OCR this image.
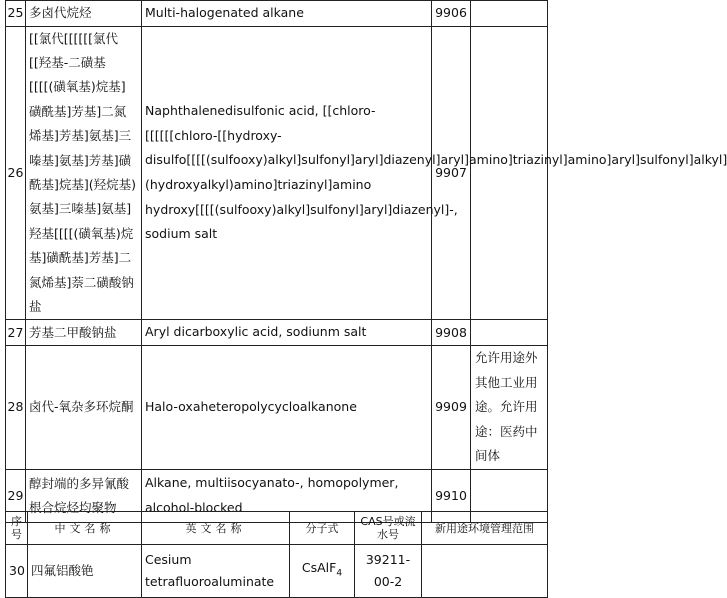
25	多卤代烷烃	Multi-halogenated alkane	9906	
26	[[氯代[[[[[[氯代[[羟基-二磺基[[[[(磺氧基)烷基]磺酰基]芳基]二氮烯基]芳基]氨基]三嗪基]氨基]芳基]磺酰基]烷基](羟烷基)氨基]三嗪基]氨基]羟基[[[[(磺氧基)烷基]磺酰基]芳基]二氮烯基]萘二磺酸钠盐	Naphthalenedisulfonic acid, [[chloro-[[[[[[chloro-[[hydroxy-disulfo[[[[(sulfooxy)alkyl]sulfonyl]aryl]diazenyl]aryl]amino]triazinyl]amino]aryl]sulfonyl]alkyl](hydroxyalkyl)amino]triazinyl]amino hydroxy[[[[(sulfooxy)alkyl]sulfonyl]aryl]diazenyl]-, sodium salt	9907	
27	芳基二甲酸钠盐	Aryl dicarboxylic acid, sodiunm salt	9908	
28	卤代-氧杂多环烷酮	Halo-oxaheteropolycycloalkanone	9909	允许用途外其他工业用途。允许用途：医药中间体
29	醇封端的多异氰酸根合烷烃均聚物	Alkane, multiisocyanato-, homopolymer, alcohol-blocked	9910	
序号	中文名称	英文名称	分子式	CAS号或流水号	新用途环境管理范围
30	四氟铝酸铯	Cesium tetrafluoroaluminate	CsAlF$_4$	39211-00-2	
